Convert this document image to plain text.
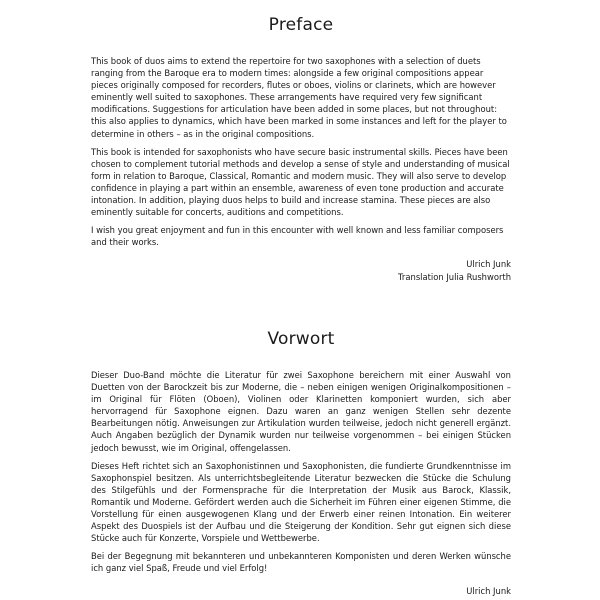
Preface

This book of duos aims to extend the repertoire for two saxophones with a selection of duets ranging from the Baroque era to modern times: alongside a few original compositions appear pieces originally composed for recorders, flutes or oboes, violins or clarinets, which are however eminently well suited to saxophones. These arrangements have required very few significant modifications. Suggestions for articulation have been added in some places, but not throughout: this also applies to dynamics, which have been marked in some instances and left for the player to determine in others – as in the original compositions.

This book is intended for saxophonists who have secure basic instrumental skills. Pieces have been chosen to complement tutorial methods and develop a sense of style and understanding of musical form in relation to Baroque, Classical, Romantic and modern music. They will also serve to develop confidence in playing a part within an ensemble, awareness of even tone production and accurate intonation. In addition, playing duos helps to build and increase stamina. These pieces are also eminently suitable for concerts, auditions and competitions.

I wish you great enjoyment and fun in this encounter with well known and less familiar composers and their works.

Ulrich Junk

Translation Julia Rushworth

Vorwort

Dieser Duo-Band möchte die Literatur für zwei Saxophone bereichern mit einer Auswahl von Duetten von der Barockzeit bis zur Moderne, die – neben einigen wenigen Originalkompositionen – im Original für Flöten (Oboen), Violinen oder Klarinetten komponiert wurden, sich aber hervorragend für Saxophone eignen. Dazu waren an ganz wenigen Stellen sehr dezente Bearbeitungen nötig. Anweisungen zur Artikulation wurden teilweise, jedoch nicht generell ergänzt. Auch Angaben bezüglich der Dynamik wurden nur teilweise vorgenommen – bei einigen Stücken jedoch bewusst, wie im Original, offengelassen.

Dieses Heft richtet sich an Saxophonistinnen und Saxophonisten, die fundierte Grundkenntnisse im Saxophonspiel besitzen. Als unterrichtsbegleitende Literatur bezwecken die Stücke die Schulung des Stilgefühls und der Formensprache für die Interpretation der Musik aus Barock, Klassik, Romantik und Moderne. Gefördert werden auch die Sicherheit im Führen einer eigenen Stimme, die Vorstellung für einen ausgewogenen Klang und der Erwerb einer reinen Intonation. Ein weiterer Aspekt des Duospiels ist der Aufbau und die Steigerung der Kondition. Sehr gut eignen sich diese Stücke auch für Konzerte, Vorspiele und Wettbewerbe.

Bei der Begegnung mit bekannteren und unbekannteren Komponisten und deren Werken wünsche ich ganz viel Spaß, Freude und viel Erfolg!

Ulrich Junk
